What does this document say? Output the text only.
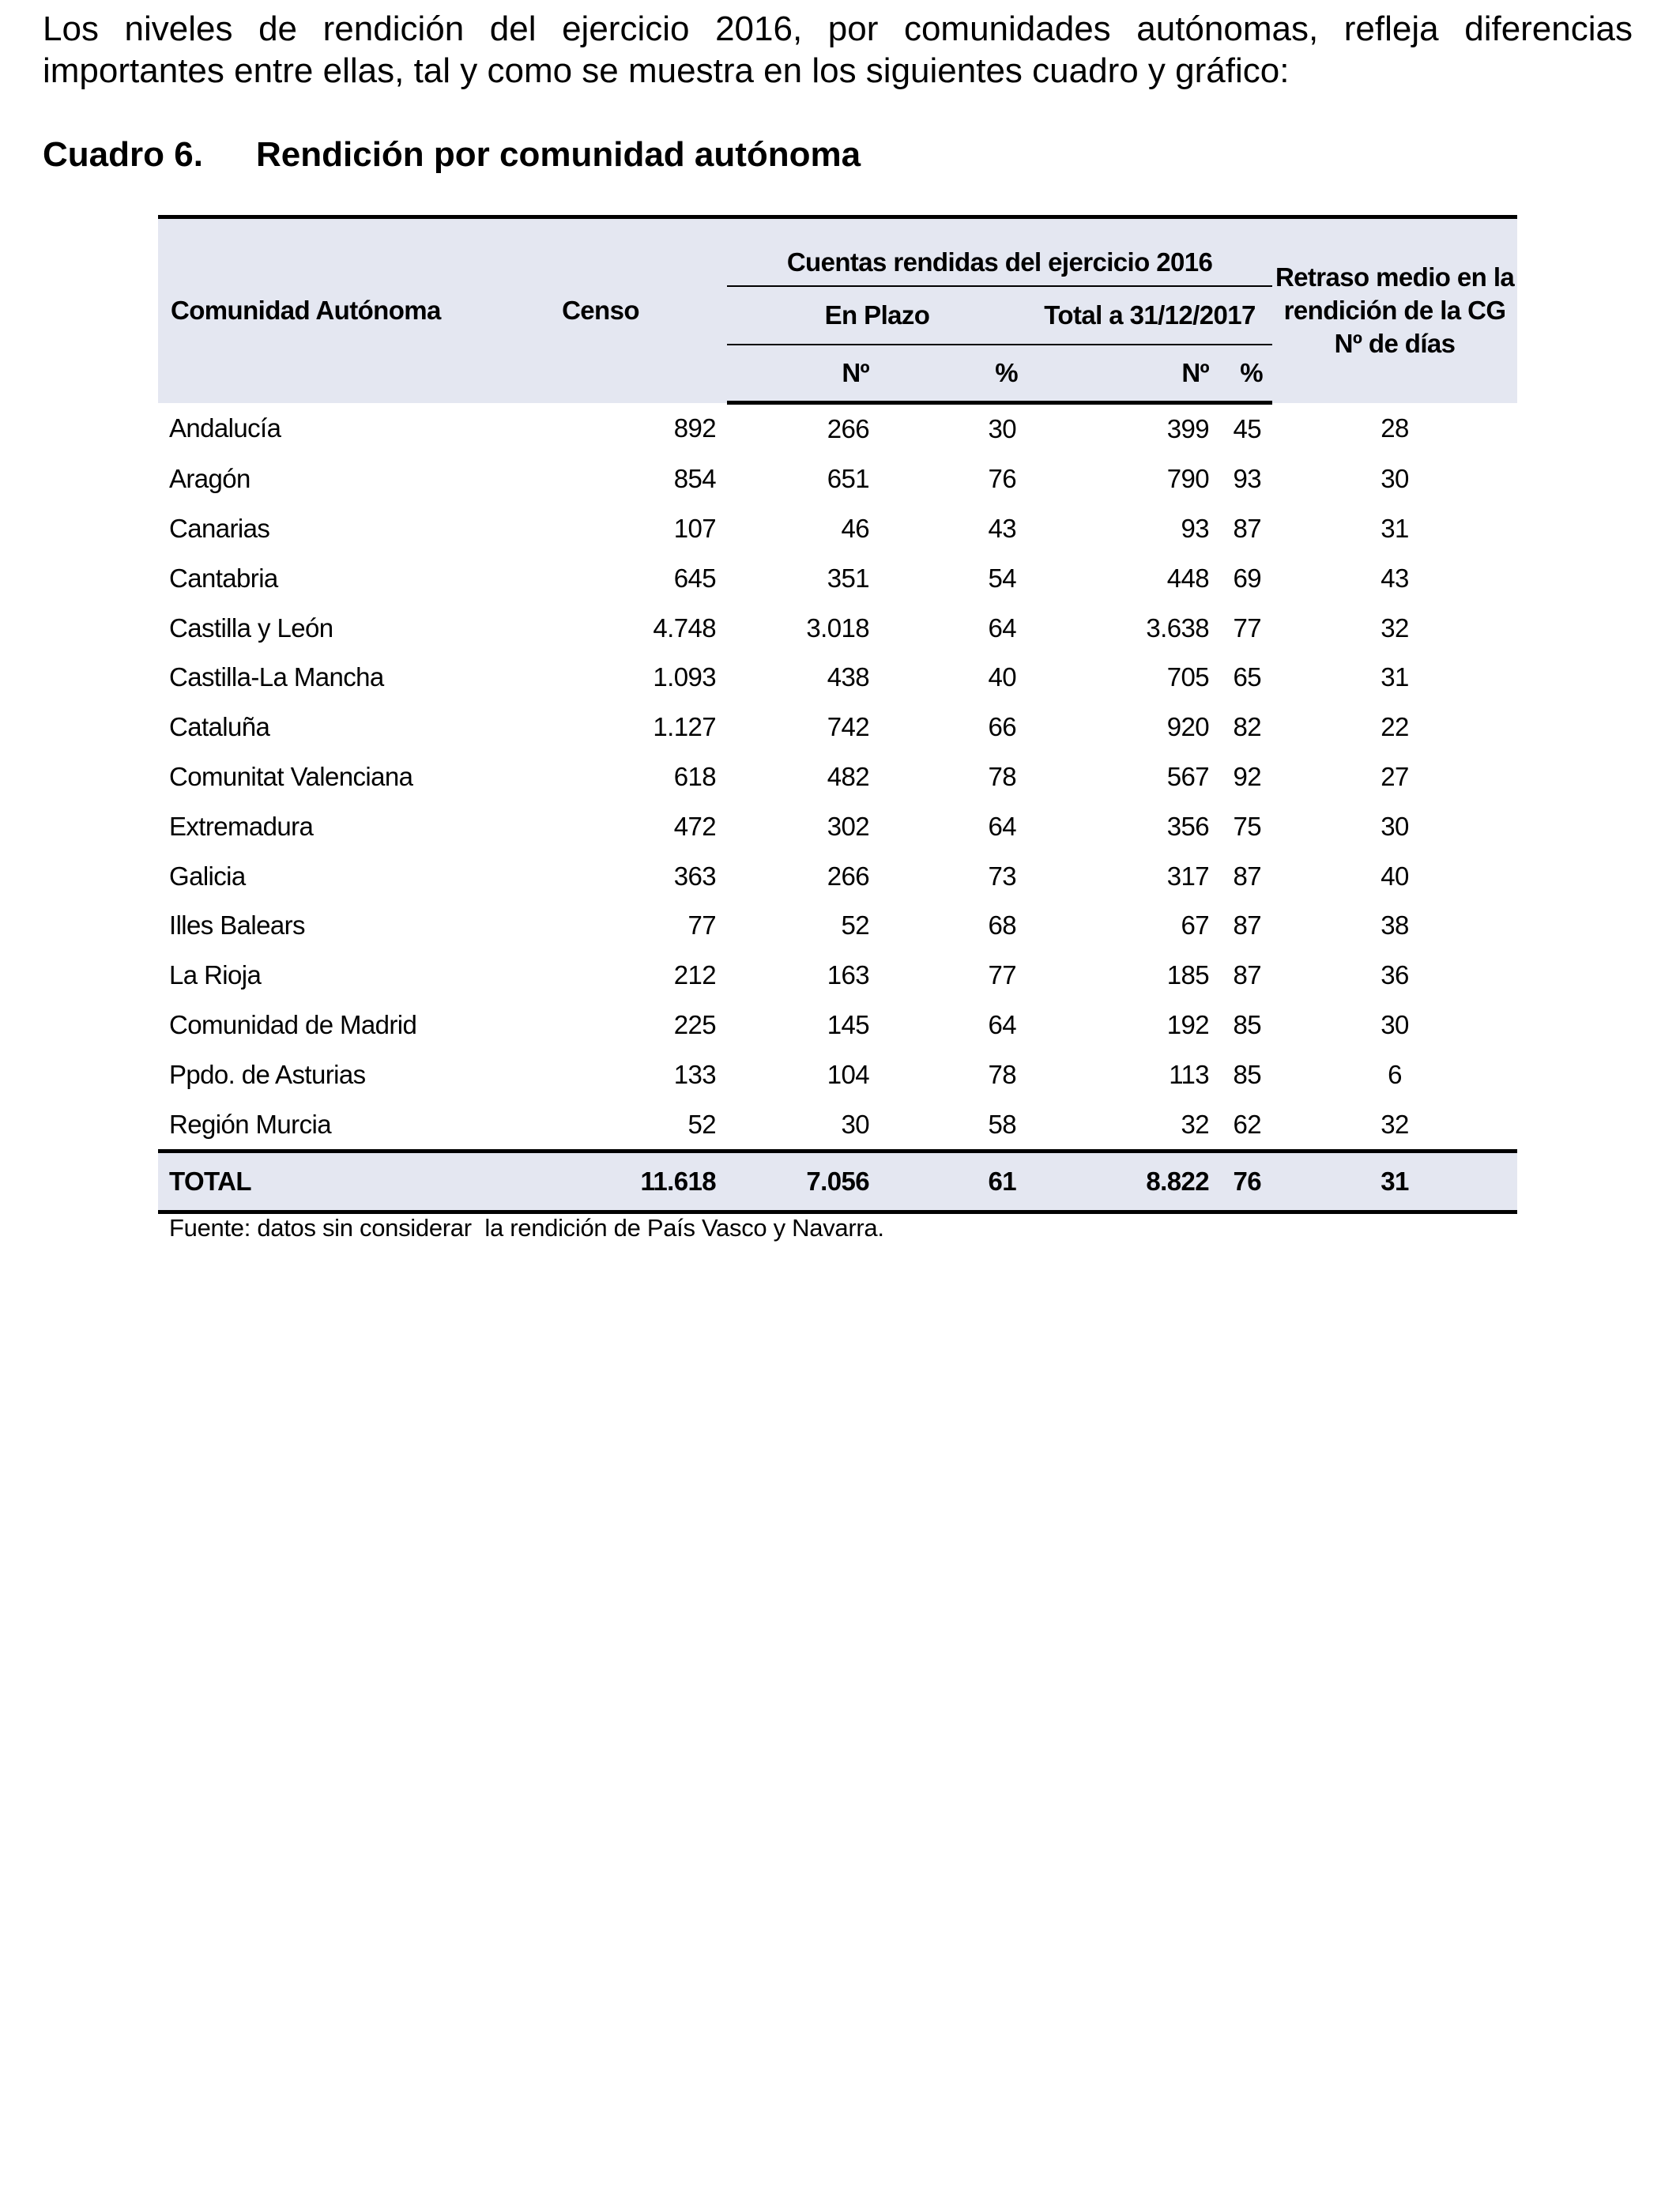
Los niveles de rendición del ejercicio 2016, por comunidades autónomas, refleja diferencias importantes entre ellas, tal y como se muestra en los siguientes cuadro y gráfico:

Cuadro 6. Rendición por comunidad autónoma
Comunidad Autónoma	Censo	Cuentas rendidas del ejercicio 2016				Retraso medio en la
rendición de la CG
Nº de días
		En Plazo		Total a 31/12/2017		
		Nº	%	Nº	%	
Andalucía	892	266	30	399	45	28
Aragón	854	651	76	790	93	30
Canarias	107	46	43	93	87	31
Cantabria	645	351	54	448	69	43
Castilla y León	4.748	3.018	64	3.638	77	32
Castilla-La Mancha	1.093	438	40	705	65	31
Cataluña	1.127	742	66	920	82	22
Comunitat Valenciana	618	482	78	567	92	27
Extremadura	472	302	64	356	75	30
Galicia	363	266	73	317	87	40
Illes Balears	77	52	68	67	87	38
La Rioja	212	163	77	185	87	36
Comunidad de Madrid	225	145	64	192	85	30
Ppdo. de Asturias	133	104	78	113	85	6
Región Murcia	52	30	58	32	62	32
TOTAL	11.618	7.056	61	8.822	76	31
Fuente: datos sin considerar  la rendición de País Vasco y Navarra.
